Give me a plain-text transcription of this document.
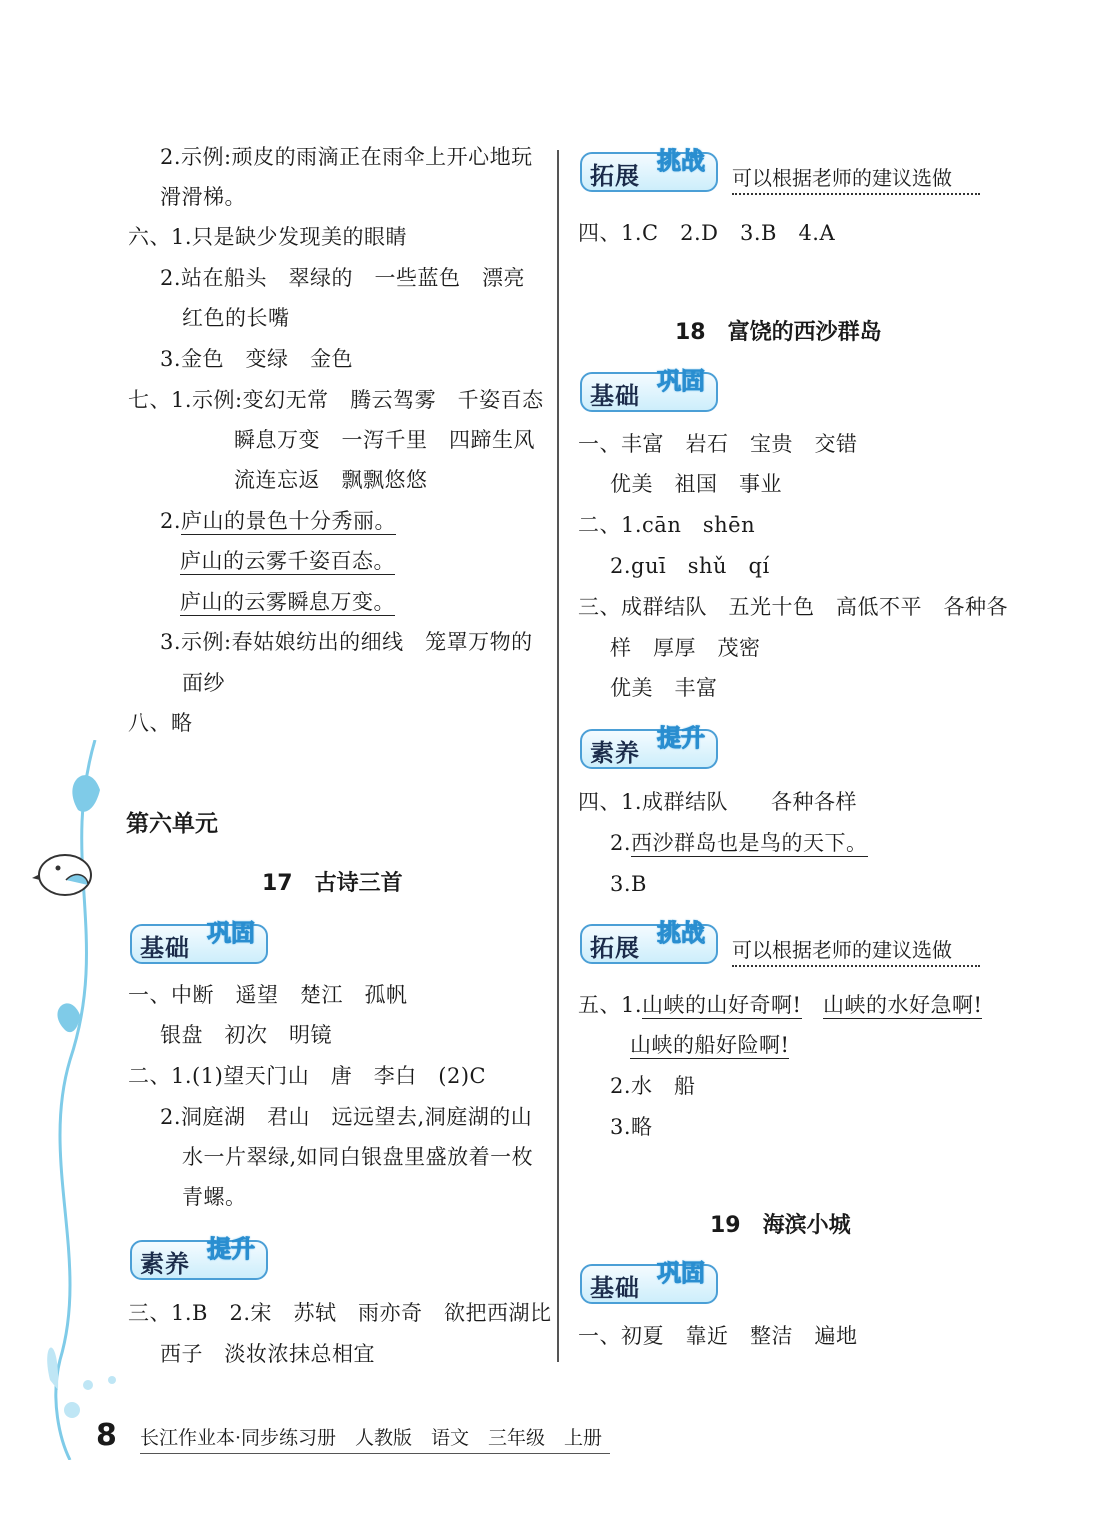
2.示例:顽皮的雨滴正在雨伞上开心地玩
滑滑梯。
六、1.只是缺少发现美的眼睛
2.站在船头　翠绿的　一些蓝色　漂亮
红色的长嘴
3.金色　变绿　金色
七、1.示例:变幻无常　腾云驾雾　千姿百态
瞬息万变　一泻千里　四蹄生风
流连忘返　飘飘悠悠
2.庐山的景色十分秀丽。
庐山的云雾千姿百态。
庐山的云雾瞬息万变。
3.示例:春姑娘纺出的细线　笼罩万物的
面纱
八、略
第六单元
17　古诗三首
基础
巩固
一、中断　遥望　楚江　孤帆
银盘　初次　明镜
二、1.(1)望天门山　唐　李白　(2)C
2.洞庭湖　君山　远远望去,洞庭湖的山
水一片翠绿,如同白银盘里盛放着一枚
青螺。
素养
提升
三、1.B　2.宋　苏轼　雨亦奇　欲把西湖比
西子　淡妆浓抹总相宜
拓展
挑战
可以根据老师的建议选做
四、1.C　2.D　3.B　4.A
18　富饶的西沙群岛
基础
巩固
一、丰富　岩石　宝贵　交错
优美　祖国　事业
二、1.cān　shēn
2.guī　shǔ　qí
三、成群结队　五光十色　高低不平　各种各
样　厚厚　茂密
优美　丰富
素养
提升
四、1.成群结队　　各种各样
2.西沙群岛也是鸟的天下。
3.B
拓展
挑战
可以根据老师的建议选做
五、1.山峡的山好奇啊!　 山峡的水好急啊!
山峡的船好险啊!
2.水　船
3.略
19　海滨小城
基础
巩固
一、初夏　靠近　整洁　遍地
8 长江作业本·同步练习册　人教版　语文　三年级　上册
